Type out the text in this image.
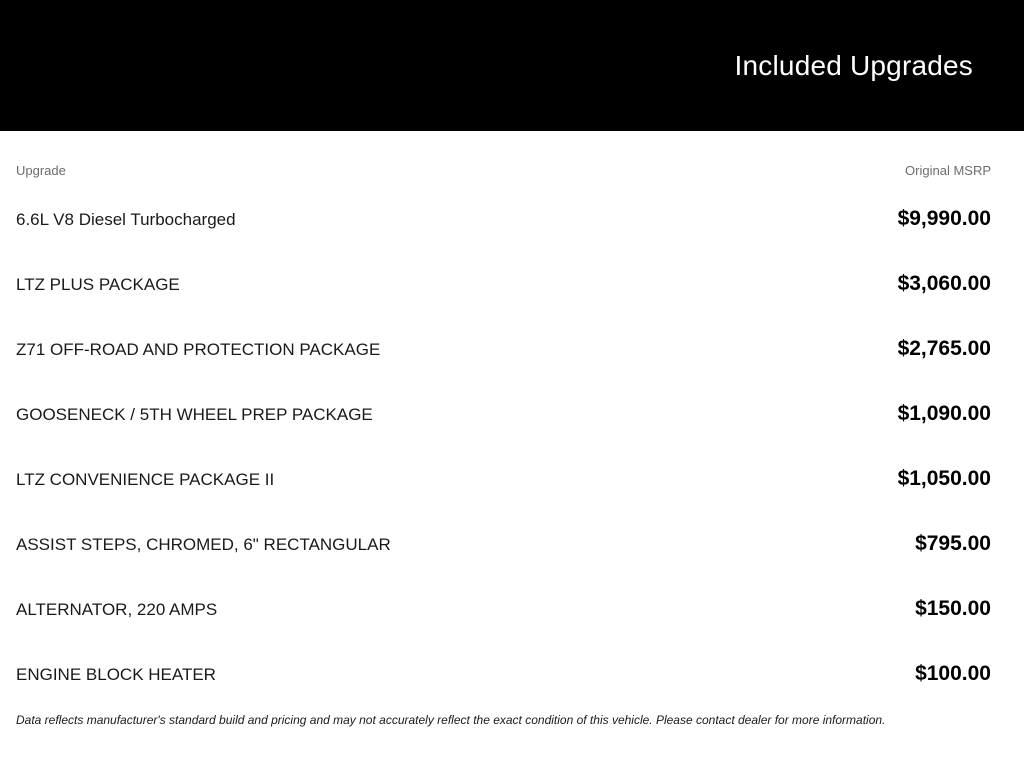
Included Upgrades
Upgrade	Original MSRP
6.6L V8 Diesel Turbocharged	$9,990.00
LTZ PLUS PACKAGE	$3,060.00
Z71 OFF-ROAD AND PROTECTION PACKAGE	$2,765.00
GOOSENECK / 5TH WHEEL PREP PACKAGE	$1,090.00
LTZ CONVENIENCE PACKAGE II	$1,050.00
ASSIST STEPS, CHROMED, 6" RECTANGULAR	$795.00
ALTERNATOR, 220 AMPS	$150.00
ENGINE BLOCK HEATER	$100.00
Data reflects manufacturer's standard build and pricing and may not accurately reflect the exact condition of this vehicle. Please contact dealer for more information.
